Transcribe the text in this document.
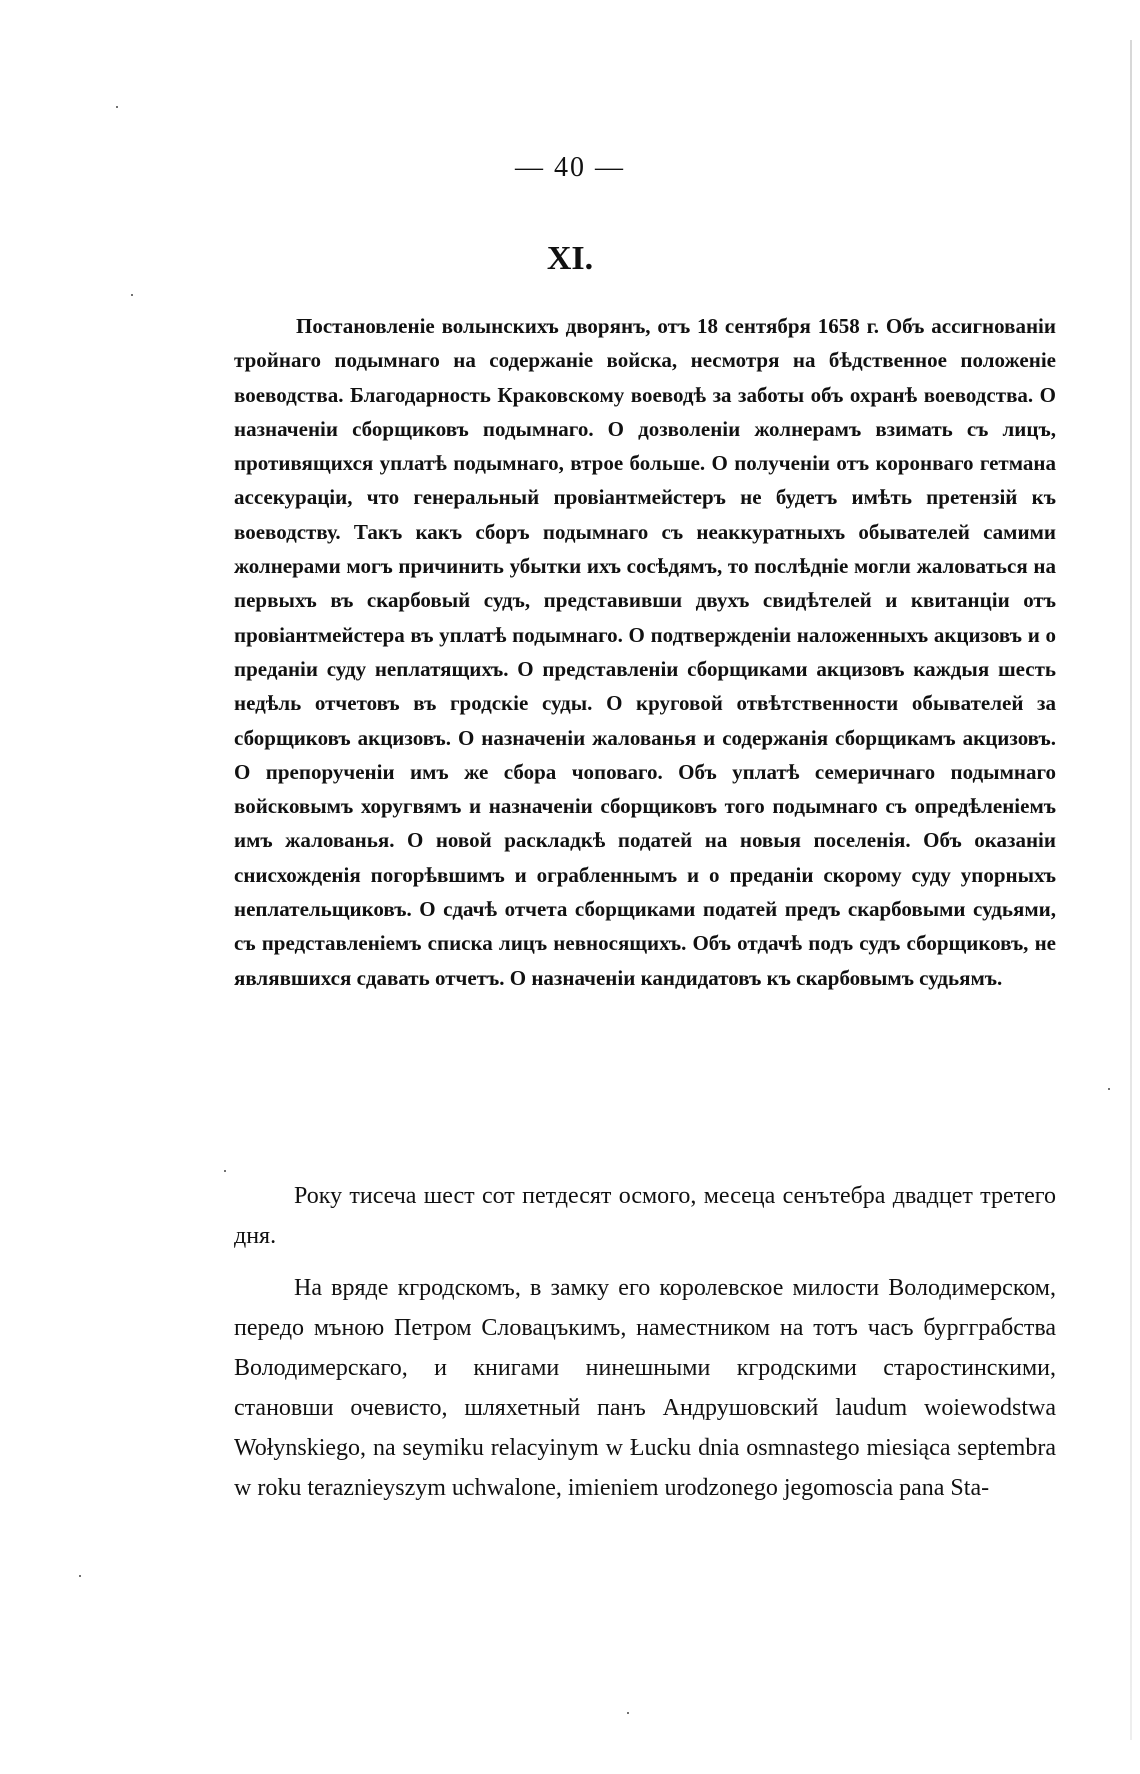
— 40 —
XI.

Постановленіе волынскихъ дворянъ, отъ 18 сентября 1658 г. Объ ассигнованіи тройнаго подымнаго на содержаніе войска, несмотря на бѣдственное положеніе воеводства. Благодарность Краковскому воеводѣ за заботы объ охранѣ воеводства. О назначеніи сборщиковъ подымнаго. О дозволеніи жолнерамъ взимать съ лицъ, противящихся уплатѣ подымнаго, втрое больше. О полученіи отъ коронваго гетмана ассекураціи, что генеральный провіантмейстеръ не будетъ имѣть претензій къ воеводству. Такъ какъ сборъ подымнаго съ неаккуратныхъ обывателей самими жолнерами могъ причинить убытки ихъ сосѣдямъ, то послѣдніе могли жаловаться на первыхъ въ скарбовый судъ, представивши двухъ свидѣтелей и квитанціи отъ провіантмейстера въ уплатѣ подымнаго. О подтвержденіи наложенныхъ акцизовъ и о преданіи суду неплатящихъ. О представленіи сборщиками акцизовъ каждыя шесть недѣль отчетовъ въ гродскіе суды. О круговой отвѣтственности обывателей за сборщиковъ акцизовъ. О назначеніи жалованья и содержанія сборщикамъ акцизовъ. О препорученіи имъ же сбора чоповаго. Объ уплатѣ семеричнаго подымнаго войсковымъ хоругвямъ и назначеніи сборщиковъ того подымнаго съ опредѣленіемъ имъ жалованья. О новой раскладкѣ податей на новыя поселенія. Объ оказаніи снисхожденія погорѣвшимъ и ограбленнымъ и о преданіи скорому суду упорныхъ неплательщиковъ. О сдачѣ отчета сборщиками податей предъ скарбовыми судьями, съ представленіемъ списка лицъ невносящихъ. Объ отдачѣ подъ судъ сборщиковъ, не являвшихся сдавать отчетъ. О назначеніи кандидатовъ къ скарбовымъ судьямъ.

Року тисеча шест сот петдесят осмого, месеца сенътебра двадцет третего дня.

На вряде кгродскомъ, в замку его королевское милости Володимерском, передо мъною Петром Словацъкимъ, наместником на тотъ часъ бургграбства Володимерскаго, и книгами нинешными кгродскими старостинскими, становши очевисто, шляхетный панъ Андрушовский laudum woiewodstwa Wołynskiego, na seymiku relacyinym w Łucku dnia osmnastego miesiąca septembra w roku teraznieyszym uchwalone, imieniem urodzonego jegomoscia pana Sta-
